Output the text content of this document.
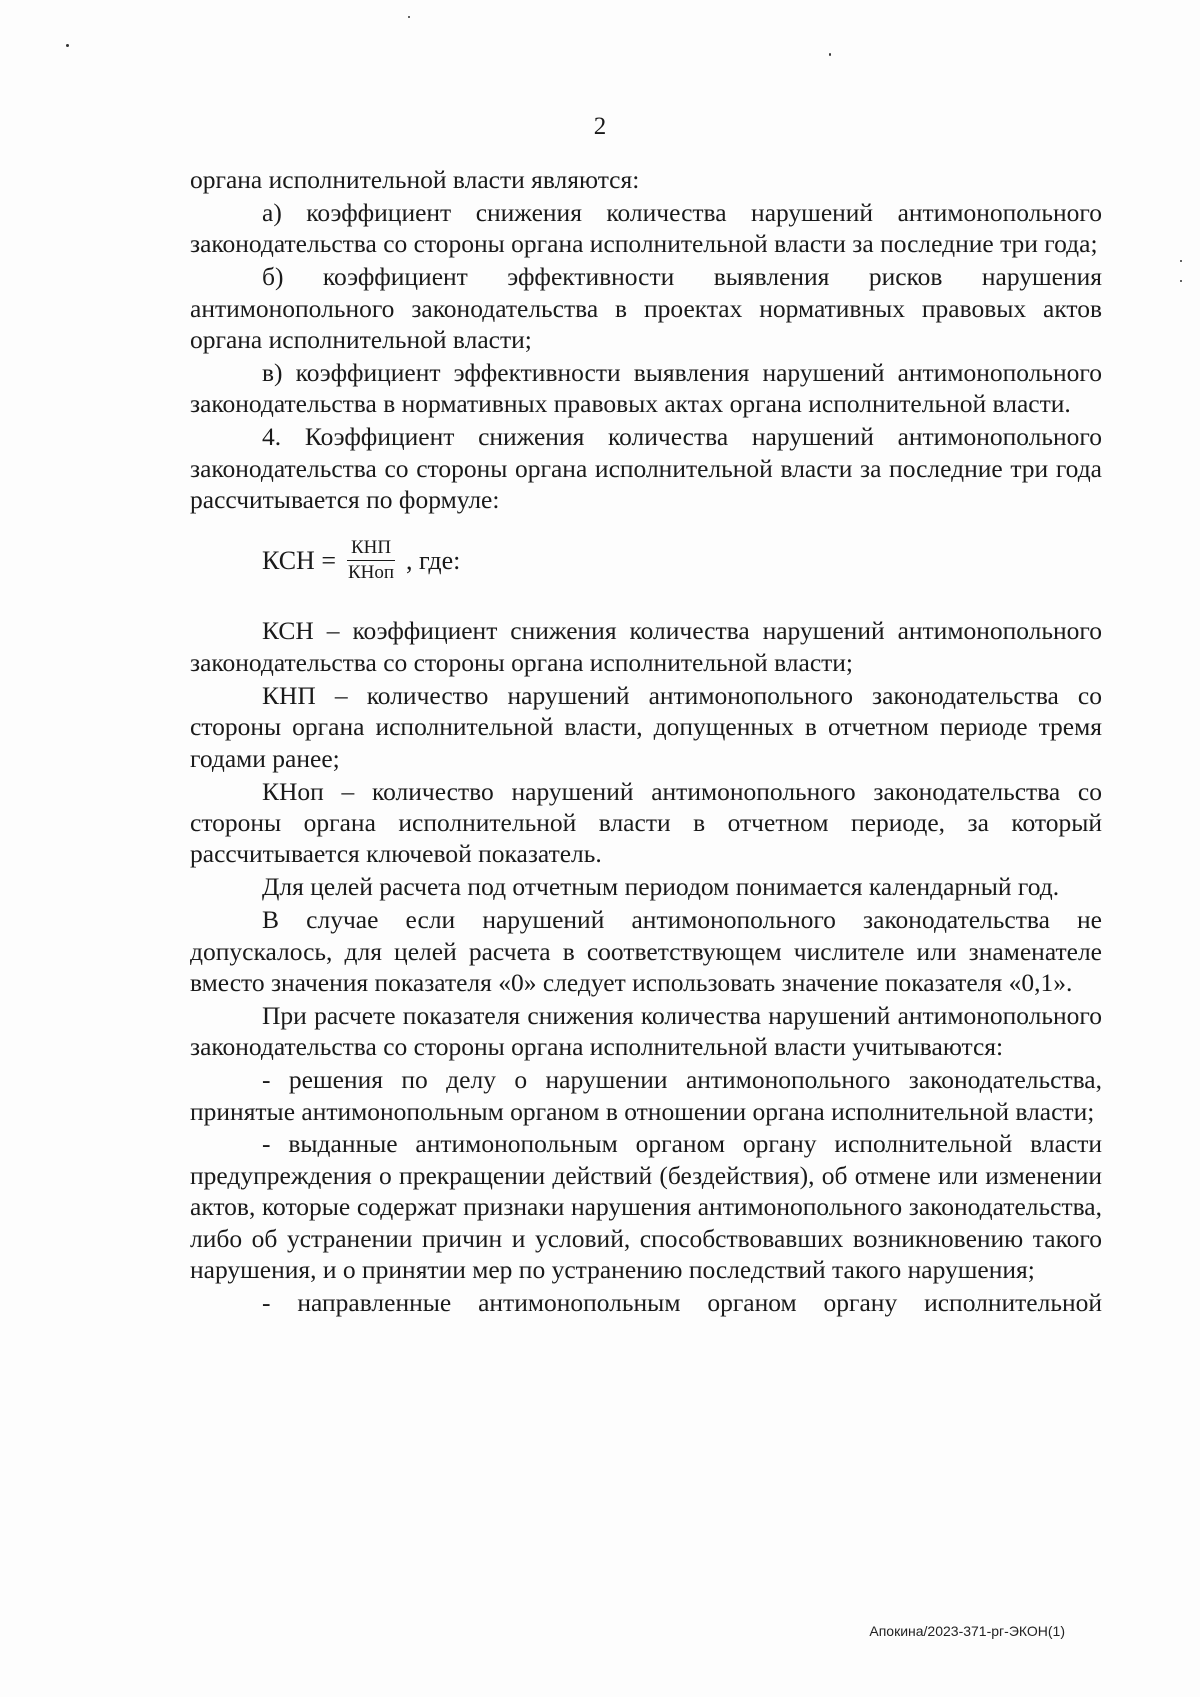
2

органа исполнительной власти являются:

а) коэффициент снижения количества нарушений антимонопольного законодательства со стороны органа исполнительной власти за последние три года;

б) коэффициент эффективности выявления рисков нарушения антимонопольного законодательства в проектах нормативных правовых актов органа исполнительной власти;

в) коэффициент эффективности выявления нарушений антимонопольного законодательства в нормативных правовых актах органа исполнительной власти.

4. Коэффициент снижения количества нарушений антимонопольного законодательства со стороны органа исполнительной власти за последние три года рассчитывается по формуле:

КСН = $\frac{\text{КНП}}{\text{КНоп}}$ , где:

КСН – коэффициент снижения количества нарушений антимонопольного законодательства со стороны органа исполнительной власти;

КНП – количество нарушений антимонопольного законодательства со стороны органа исполнительной власти, допущенных в отчетном периоде тремя годами ранее;

КНоп – количество нарушений антимонопольного законодательства со стороны органа исполнительной власти в отчетном периоде, за который рассчитывается ключевой показатель.

Для целей расчета под отчетным периодом понимается календарный год.

В случае если нарушений антимонопольного законодательства не допускалось, для целей расчета в соответствующем числителе или знаменателе вместо значения показателя «0» следует использовать значение показателя «0,1».

При расчете показателя снижения количества нарушений антимонопольного законодательства со стороны органа исполнительной власти учитываются:

- решения по делу о нарушении антимонопольного законодательства, принятые антимонопольным органом в отношении органа исполнительной власти;

- выданные антимонопольным органом органу исполнительной власти предупреждения о прекращении действий (бездействия), об отмене или изменении актов, которые содержат признаки нарушения антимонопольного законодательства, либо об устранении причин и условий, способствовавших возникновению такого нарушения, и о принятии мер по устранению последствий такого нарушения;

- направленные антимонопольным органом органу исполнительной

Апокина/2023-371-рг-ЭКОН(1)
